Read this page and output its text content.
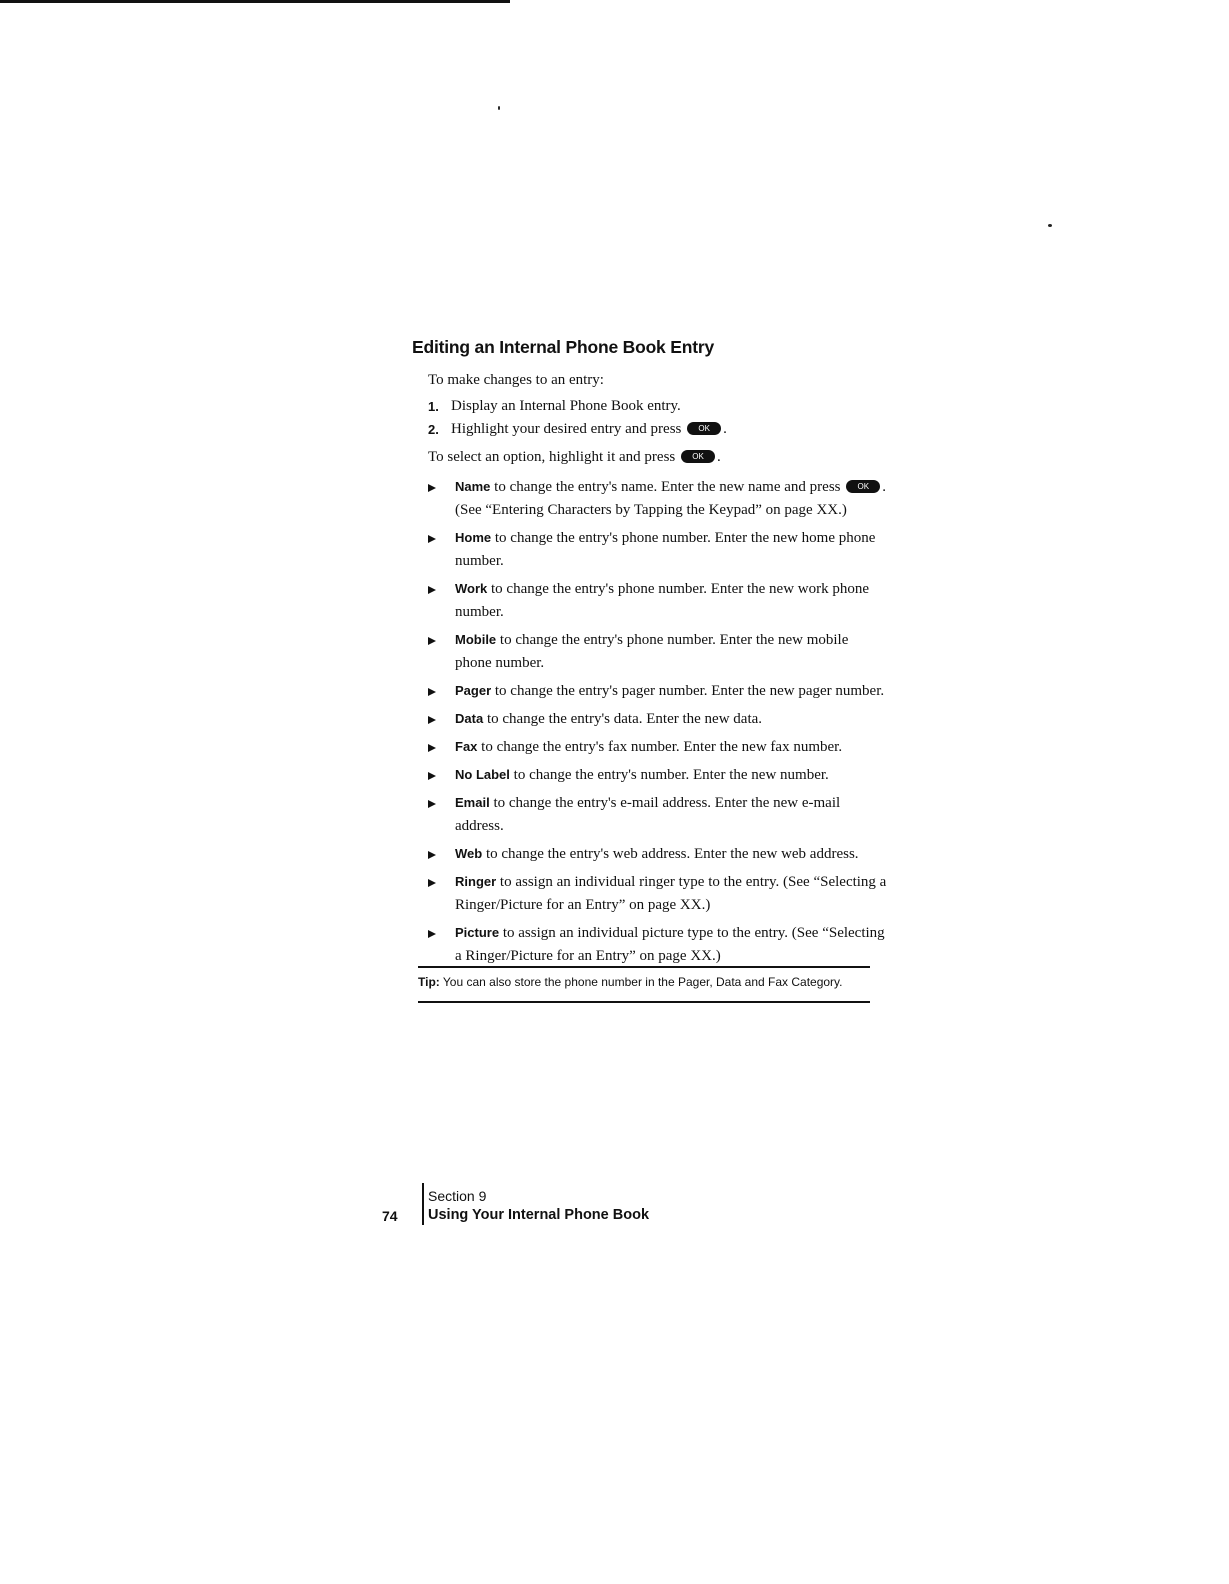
Editing an Internal Phone Book Entry
To make changes to an entry:
1. Display an Internal Phone Book entry.
2. Highlight your desired entry and press OK .
To select an option, highlight it and press OK .
Name to change the entry's name. Enter the new name and press OK . (See “Entering Characters by Tapping the Keypad” on page XX.)
Home to change the entry's phone number. Enter the new home phone number.
Work to change the entry's phone number. Enter the new work phone number.
Mobile to change the entry's phone number. Enter the new mobile phone number.
Pager to change the entry's pager number. Enter the new pager number.
Data to change the entry's data. Enter the new data.
Fax to change the entry's fax number. Enter the new fax number.
No Label to change the entry's number. Enter the new number.
Email to change the entry's e-mail address. Enter the new e-mail address.
Web to change the entry's web address. Enter the new web address.
Ringer to assign an individual ringer type to the entry. (See “Selecting a Ringer/Picture for an Entry” on page XX.)
Picture to assign an individual picture type to the entry. (See “Selecting a Ringer/Picture for an Entry” on page XX.)
Tip: You can also store the phone number in the Pager, Data and Fax Category.
74
Section 9
Using Your Internal Phone Book
